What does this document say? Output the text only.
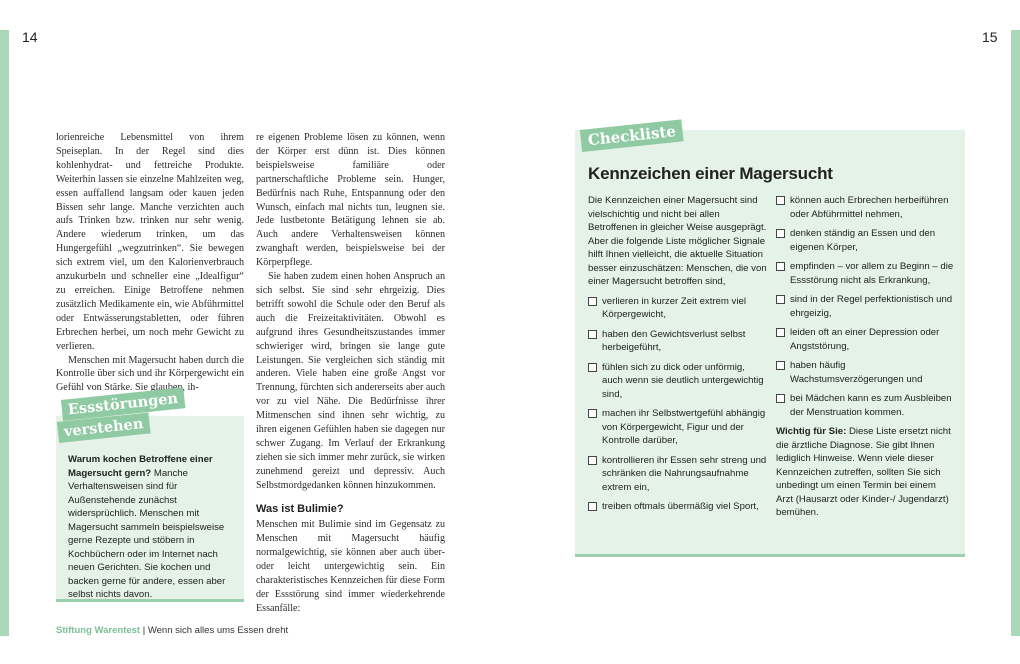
14	15

lorienreiche Lebensmittel von ihrem Speiseplan. In der Regel sind dies kohlenhydrat- und fettreiche Produkte. Weiterhin lassen sie einzelne Mahlzeiten weg, essen auffallend langsam oder kauen jeden Bissen sehr lange. Manche verzichten auch aufs Trinken bzw. trinken nur sehr wenig. Andere wiederum trinken, um das Hungergefühl „wegzutrinken“. Sie bewegen sich extrem viel, um den Kalorienverbrauch anzukurbeln und schneller eine „Idealfigur“ zu erreichen. Einige Betroffene nehmen zusätzlich Medikamente ein, wie Abführmittel oder Entwässerungstabletten, oder führen Erbrechen herbei, um noch mehr Gewicht zu verlieren.

Menschen mit Magersucht haben durch die Kontrolle über sich und ihr Körpergewicht ein Gefühl von Stärke. Sie glauben, ih-

Essstörungen
verstehen
Warum kochen Betroffene einer Magersucht gern? Manche Verhaltensweisen sind für Außenstehende zunächst widersprüchlich. Menschen mit Magersucht sammeln beispielsweise gerne Rezepte und stöbern in Kochbüchern oder im Internet nach neuen Gerichten. Sie kochen und backen gerne für andere, essen aber selbst nichts davon.

re eigenen Probleme lösen zu können, wenn der Körper erst dünn ist. Dies können beispielsweise familiäre oder partnerschaftliche Probleme sein. Hunger, Bedürfnis nach Ruhe, Entspannung oder den Wunsch, einfach mal nichts tun, leugnen sie. Jede lustbetonte Betätigung lehnen sie ab. Auch andere Verhaltensweisen können zwanghaft werden, beispielsweise bei der Körperpflege.

Sie haben zudem einen hohen Anspruch an sich selbst. Sie sind sehr ehrgeizig. Dies betrifft sowohl die Schule oder den Beruf als auch die Freizeitaktivitäten. Obwohl es aufgrund ihres Gesundheitszustandes immer schwieriger wird, bringen sie lange gute Leistungen. Sie vergleichen sich ständig mit anderen. Viele haben eine große Angst vor Trennung, fürchten sich andererseits aber auch vor zu viel Nähe. Die Bedürfnisse ihrer Mitmenschen sind ihnen sehr wichtig, zu ihren eigenen Gefühlen haben sie dagegen nur schwer Zugang. Im Verlauf der Erkrankung ziehen sie sich immer mehr zurück, sie wirken zunehmend gereizt und depressiv. Auch Selbstmordgedanken können hinzukommen.

Was ist Bulimie?

Menschen mit Bulimie sind im Gegensatz zu Menschen mit Magersucht häufig normalgewichtig, sie können aber auch über- oder leicht untergewichtig sein. Ein charakteristisches Kennzeichen für diese Form der Essstörung sind immer wiederkehrende Essanfälle:

Checkliste
Kennzeichen einer Magersucht

Die Kennzeichen einer Magersucht sind vielschichtig und nicht bei allen Betroffenen in gleicher Weise ausgeprägt. Aber die folgende Liste möglicher Signale hilft Ihnen vielleicht, die aktuelle Situation besser einzuschätzen: Menschen, die von einer Magersucht betroffen sind,

verlieren in kurzer Zeit extrem viel Körpergewicht,
haben den Gewichtsverlust selbst herbeigeführt,
fühlen sich zu dick oder unförmig, auch wenn sie deutlich untergewichtig sind,
machen ihr Selbstwertgefühl abhängig von Körpergewicht, Figur und der Kontrolle darüber,
kontrollieren ihr Essen sehr streng und schränken die Nahrungsaufnahme extrem ein,
treiben oftmals übermäßig viel Sport,
können auch Erbrechen herbeiführen oder Abführmittel nehmen,
denken ständig an Essen und den eigenen Körper,
empfinden – vor allem zu Beginn – die Essstörung nicht als Erkrankung,
sind in der Regel perfektionistisch und ehrgeizig,
leiden oft an einer Depression oder Angststörung,
haben häufig Wachstumsverzögerungen und
bei Mädchen kann es zum Ausbleiben der Menstruation kommen.

Wichtig für Sie: Diese Liste ersetzt nicht die ärztliche Diagnose. Sie gibt Ihnen lediglich Hinweise. Wenn viele dieser Kennzeichen zutreffen, sollten Sie sich unbedingt um einen Termin bei einem Arzt (Hausarzt oder Kinder-/ Jugendarzt) bemühen.

Stiftung Warentest | Wenn sich alles ums Essen dreht
